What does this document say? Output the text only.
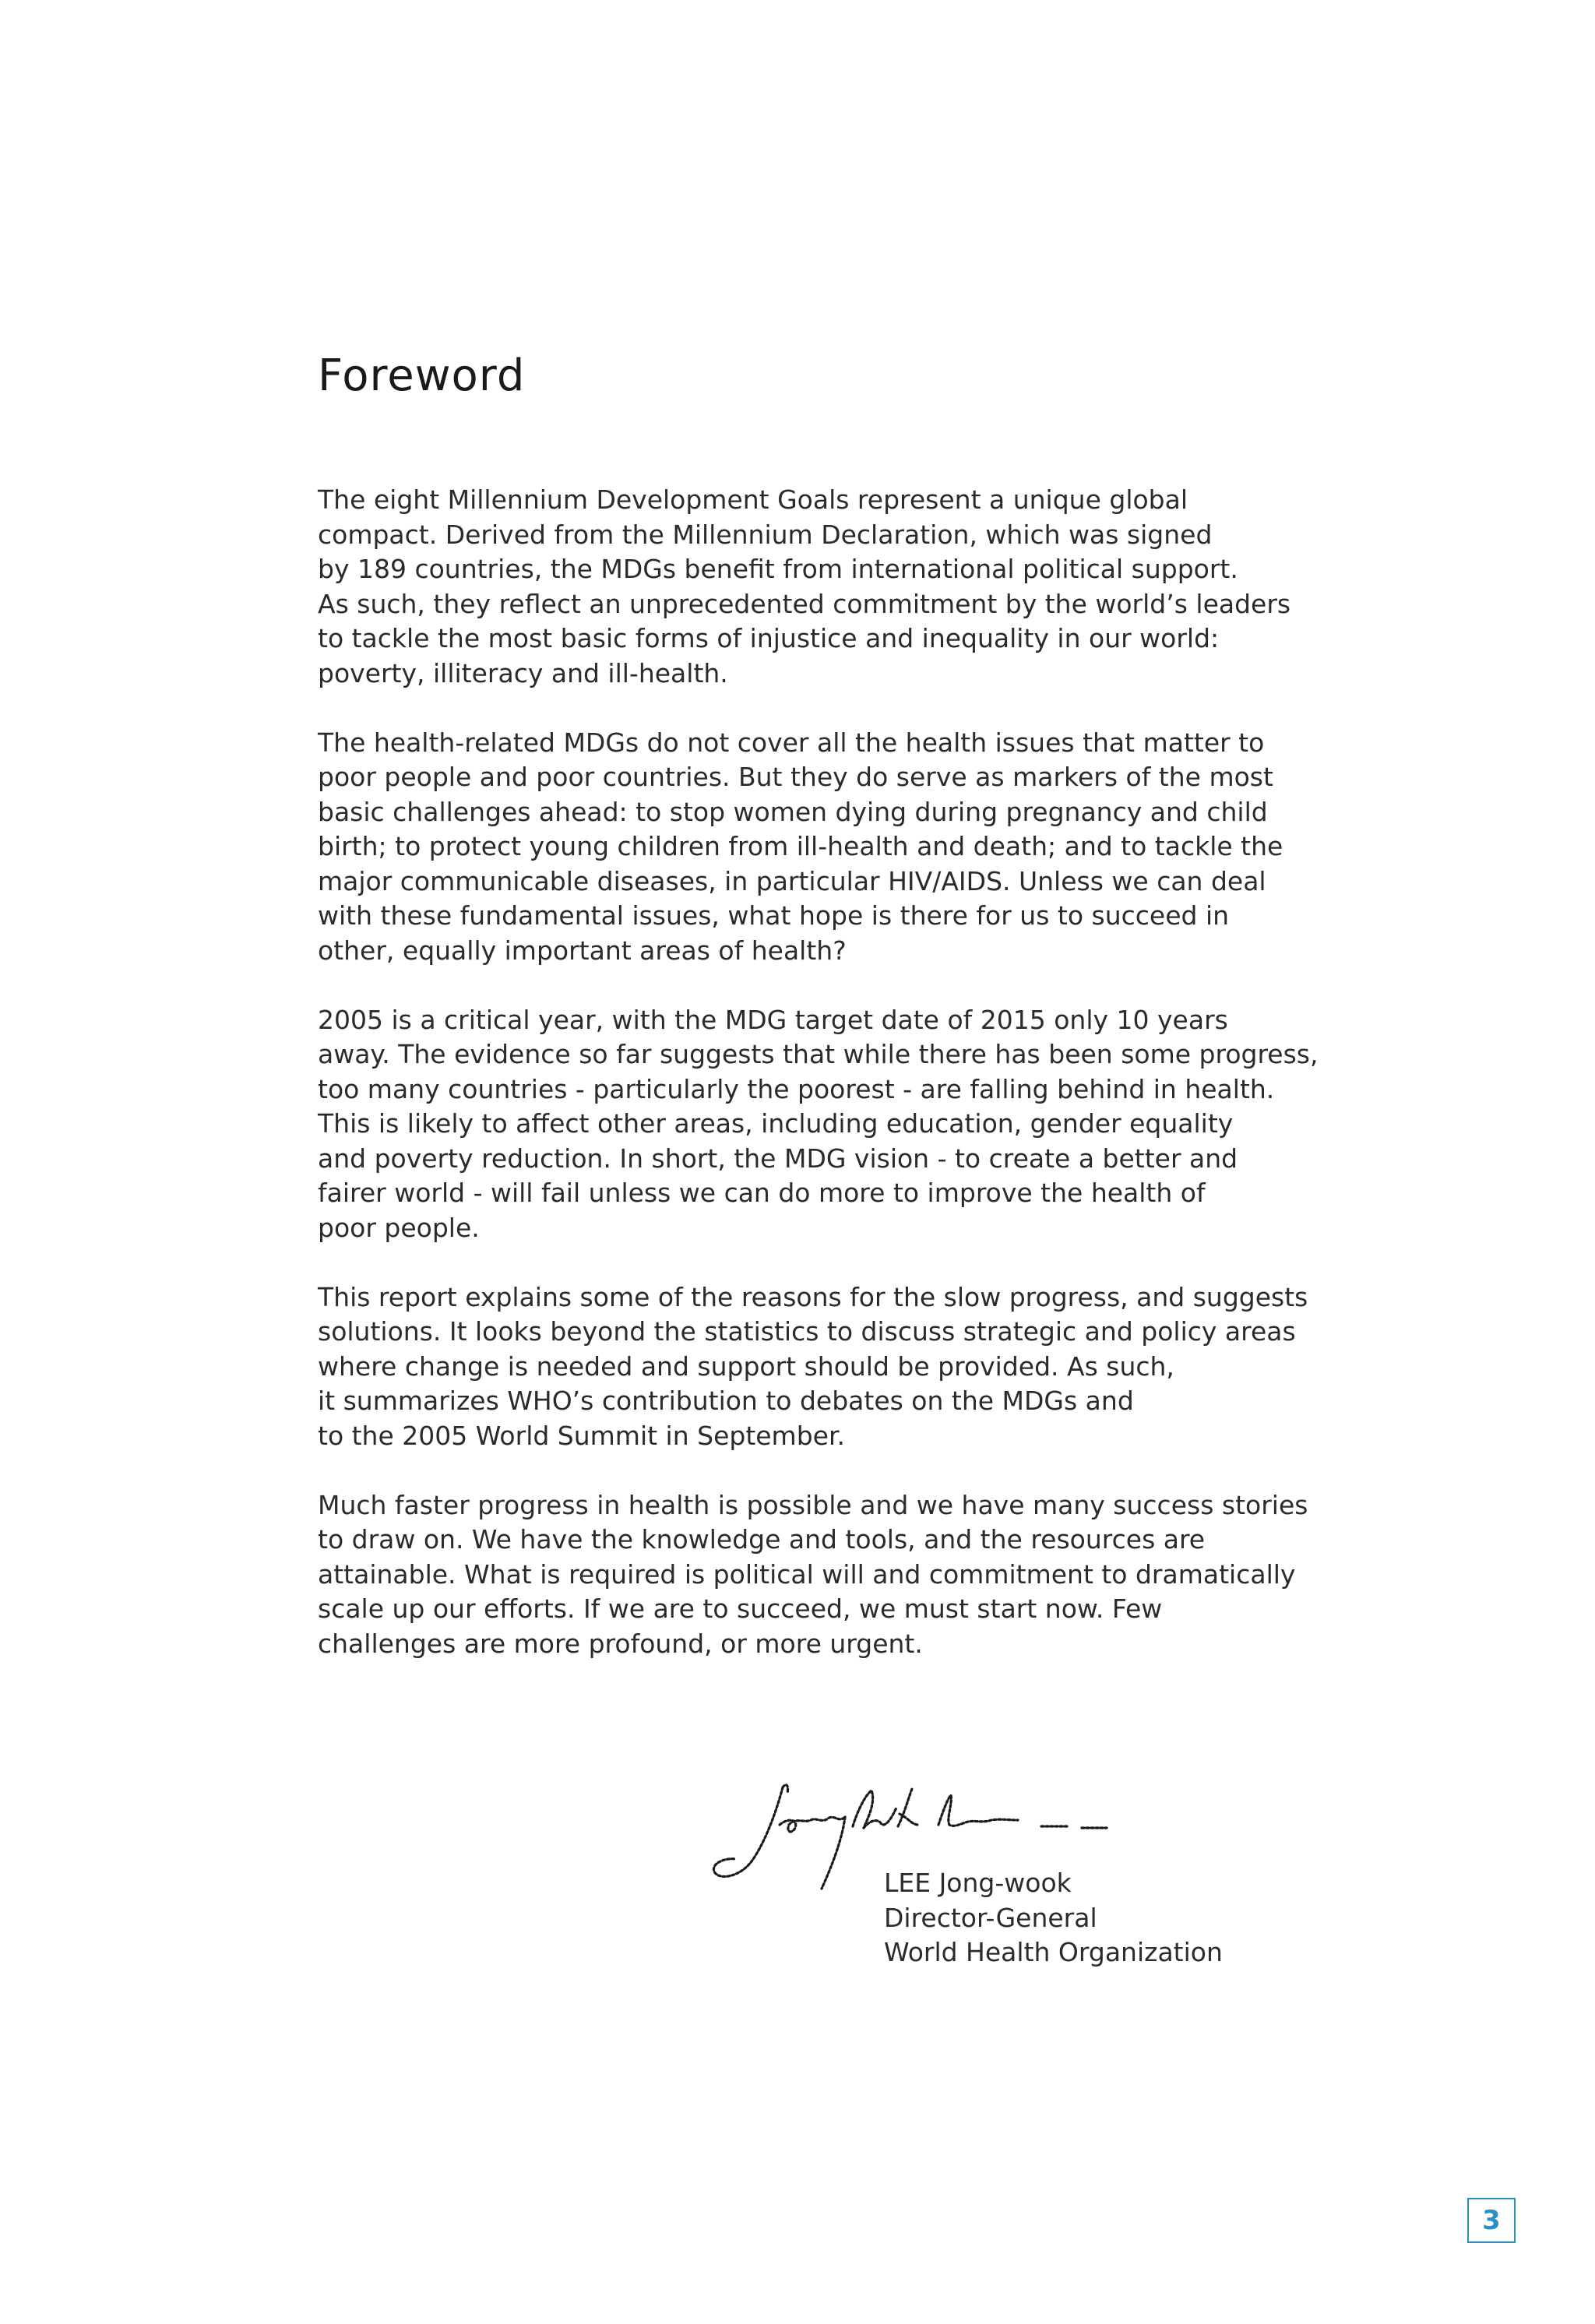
Foreword

The eight Millennium Development Goals represent a unique global
compact. Derived from the Millennium Declaration, which was signed
by 189 countries, the MDGs benefit from international political support.
As such, they reflect an unprecedented commitment by the world’s leaders
to tackle the most basic forms of injustice and inequality in our world:
poverty, illiteracy and ill-health.

The health-related MDGs do not cover all the health issues that matter to
poor people and poor countries. But they do serve as markers of the most
basic challenges ahead: to stop women dying during pregnancy and child
birth; to protect young children from ill-health and death; and to tackle the
major communicable diseases, in particular HIV/AIDS. Unless we can deal
with these fundamental issues, what hope is there for us to succeed in
other, equally important areas of health?

2005 is a critical year, with the MDG target date of 2015 only 10 years
away. The evidence so far suggests that while there has been some progress,
too many countries - particularly the poorest - are falling behind in health.
This is likely to affect other areas, including education, gender equality
and poverty reduction. In short, the MDG vision - to create a better and
fairer world - will fail unless we can do more to improve the health of
poor people.

This report explains some of the reasons for the slow progress, and suggests
solutions. It looks beyond the statistics to discuss strategic and policy areas
where change is needed and support should be provided. As such,
it summarizes WHO’s contribution to debates on the MDGs and
to the 2005 World Summit in September.

Much faster progress in health is possible and we have many success stories
to draw on. We have the knowledge and tools, and the resources are
attainable. What is required is political will and commitment to dramatically
scale up our efforts. If we are to succeed, we must start now. Few
challenges are more profound, or more urgent.

LEE Jong-wook
Director-General
World Health Organization
3
